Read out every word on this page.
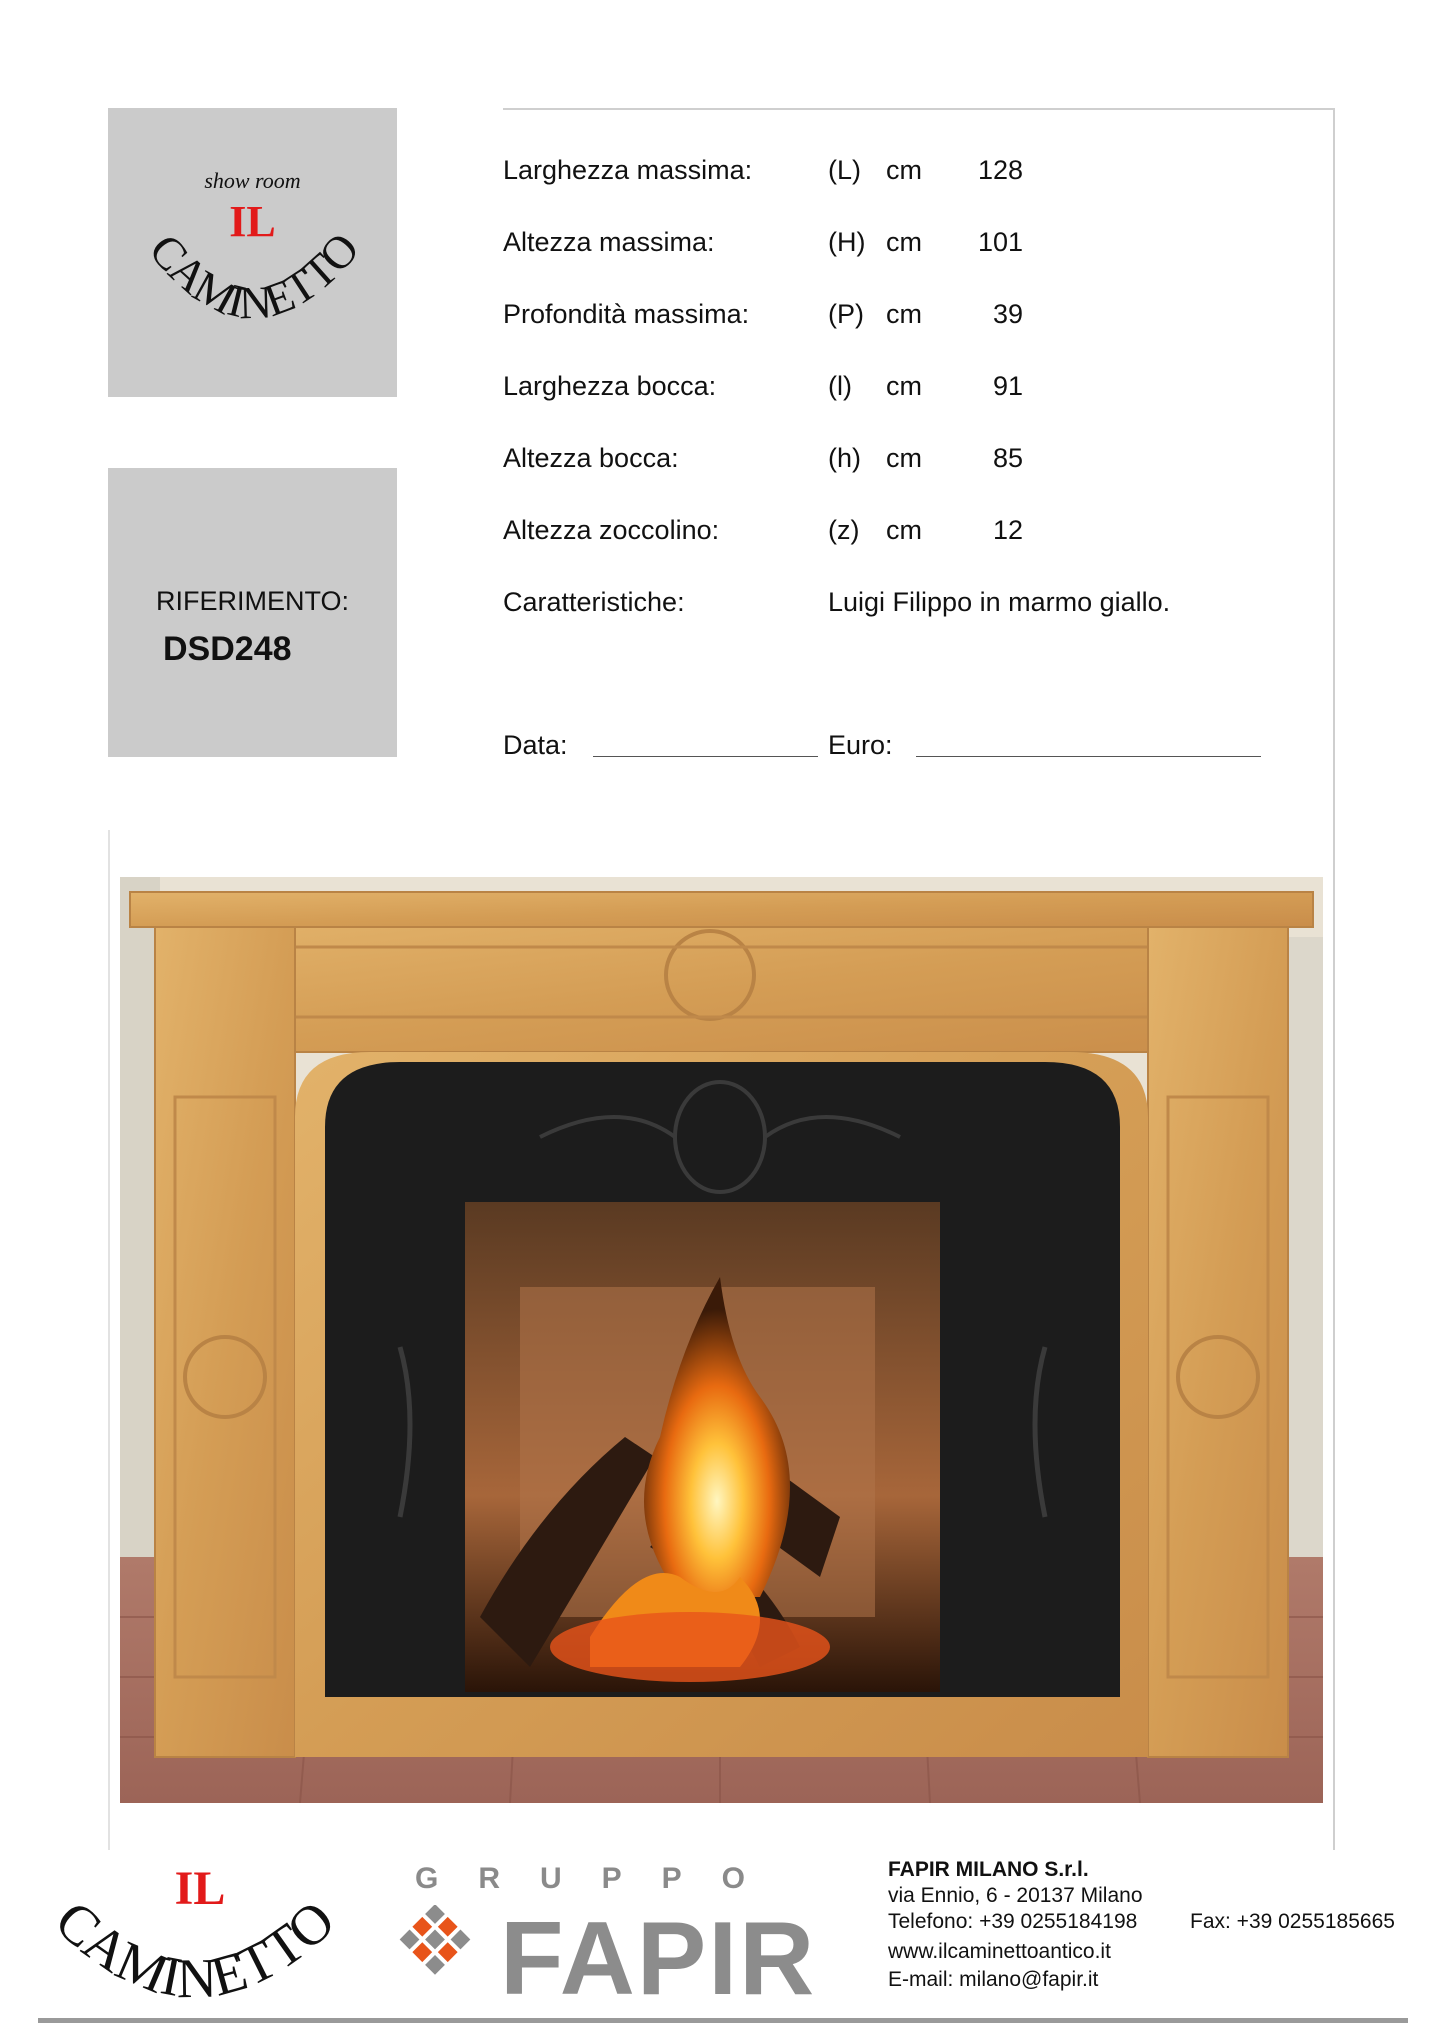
show room
IL
CAMINETTO
RIFERIMENTO:
DSD248
Larghezza massima:	(L) cm	128
Altezza massima:	(H) cm	101
Profondità massima:	(P) cm	39
Larghezza bocca:	(l) cm	91
Altezza bocca:	(h) cm	85
Altezza zoccolino:	(z) cm	12
Caratteristiche:	Luigi Filippo in marmo giallo.
Data:	Euro:
IL
CAMINETTO
GRUPPO
FAPIR
FAPIR MILANO S.r.l.
via Ennio, 6 - 20137 Milano
Telefono: +39 0255184198	Fax: +39 0255185665
www.ilcaminettoantico.it
E-mail: milano@fapir.it
